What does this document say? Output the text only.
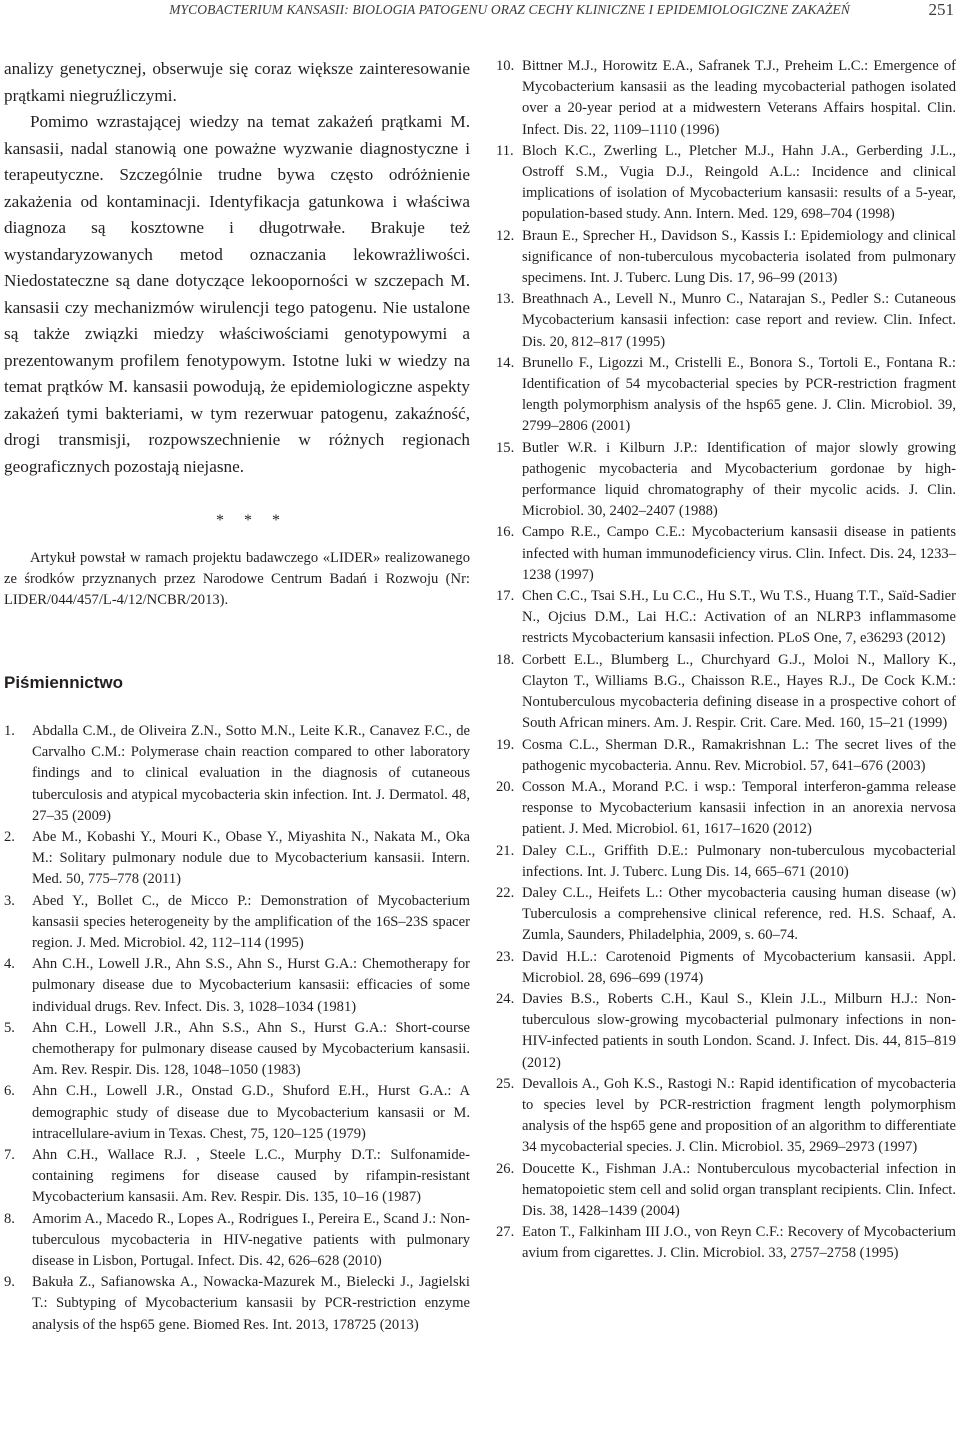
MYCOBACTERIUM KANSASII: BIOLOGIA PATOGENU ORAZ CECHY KLINICZNE I EPIDEMIOLOGICZNE ZAKAŻEŃ	251

analizy genetycznej, obserwuje się coraz większe zainteresowanie prątkami niegruźliczymi.

Pomimo wzrastającej wiedzy na temat zakażeń prątkami M. kansasii, nadal stanowią one poważne wyzwanie diagnostyczne i terapeutyczne. Szczególnie trudne bywa często odróżnienie zakażenia od kontaminacji. Identyfikacja gatunkowa i właściwa diagnoza są kosztowne i długotrwałe. Brakuje też wystandaryzowanych metod oznaczania lekowrażliwości. Niedostateczne są dane dotyczące lekooporności w szczepach M. kansasii czy mechanizmów wirulencji tego patogenu. Nie ustalone są także związki miedzy właściwościami genotypowymi a prezentowanym profilem fenotypowym. Istotne luki w wiedzy na temat prątków M. kansasii powodują, że epidemiologiczne aspekty zakażeń tymi bakteriami, w tym rezerwuar patogenu, zakaźność, drogi transmisji, rozpowszechnienie w różnych regionach geograficznych pozostają niejasne.

* * *

Artykuł powstał w ramach projektu badawczego «LIDER» realizowanego ze środków przyznanych przez Narodowe Centrum Badań i Rozwoju (Nr: LIDER/044/457/L-4/12/NCBR/2013).

Piśmiennictwo
1. Abdalla C.M., de Oliveira Z.N., Sotto M.N., Leite K.R., Canavez F.C., de Carvalho C.M.: Polymerase chain reaction compared to other laboratory findings and to clinical evaluation in the diagnosis of cutaneous tuberculosis and atypical mycobacteria skin infection. Int. J. Dermatol. 48, 27–35 (2009)
2. Abe M., Kobashi Y., Mouri K., Obase Y., Miyashita N., Nakata M., Oka M.: Solitary pulmonary nodule due to Mycobacterium kansasii. Intern. Med. 50, 775–778 (2011)
3. Abed Y., Bollet C., de Micco P.: Demonstration of Mycobacterium kansasii species heterogeneity by the amplification of the 16S–23S spacer region. J. Med. Microbiol. 42, 112–114 (1995)
4. Ahn C.H., Lowell J.R., Ahn S.S., Ahn S., Hurst G.A.: Chemotherapy for pulmonary disease due to Mycobacterium kansasii: efficacies of some individual drugs. Rev. Infect. Dis. 3, 1028–1034 (1981)
5. Ahn C.H., Lowell J.R., Ahn S.S., Ahn S., Hurst G.A.: Short-course chemotherapy for pulmonary disease caused by Mycobacterium kansasii. Am. Rev. Respir. Dis. 128, 1048–1050 (1983)
6. Ahn C.H., Lowell J.R., Onstad G.D., Shuford E.H., Hurst G.A.: A demographic study of disease due to Mycobacterium kansasii or M. intracellulare-avium in Texas. Chest, 75, 120–125 (1979)
7. Ahn C.H., Wallace R.J. , Steele L.C., Murphy D.T.: Sulfonamide-containing regimens for disease caused by rifampin-resistant Mycobacterium kansasii. Am. Rev. Respir. Dis. 135, 10–16 (1987)
8. Amorim A., Macedo R., Lopes A., Rodrigues I., Pereira E., Scand J.: Non-tuberculous mycobacteria in HIV-negative patients with pulmonary disease in Lisbon, Portugal. Infect. Dis. 42, 626–628 (2010)
9. Bakuła Z., Safianowska A., Nowacka-Mazurek M., Bielecki J., Jagielski T.: Subtyping of Mycobacterium kansasii by PCR-restriction enzyme analysis of the hsp65 gene. Biomed Res. Int. 2013, 178725 (2013)
10. Bittner M.J., Horowitz E.A., Safranek T.J., Preheim L.C.: Emergence of Mycobacterium kansasii as the leading mycobacterial pathogen isolated over a 20-year period at a midwestern Veterans Affairs hospital. Clin. Infect. Dis. 22, 1109–1110 (1996)
11. Bloch K.C., Zwerling L., Pletcher M.J., Hahn J.A., Gerberding J.L., Ostroff S.M., Vugia D.J., Reingold A.L.: Incidence and clinical implications of isolation of Mycobacterium kansasii: results of a 5-year, population-based study. Ann. Intern. Med. 129, 698–704 (1998)
12. Braun E., Sprecher H., Davidson S., Kassis I.: Epidemiology and clinical significance of non-tuberculous mycobacteria isolated from pulmonary specimens. Int. J. Tuberc. Lung Dis. 17, 96–99 (2013)
13. Breathnach A., Levell N., Munro C., Natarajan S., Pedler S.: Cutaneous Mycobacterium kansasii infection: case report and review. Clin. Infect. Dis. 20, 812–817 (1995)
14. Brunello F., Ligozzi M., Cristelli E., Bonora S., Tortoli E., Fontana R.: Identification of 54 mycobacterial species by PCR-restriction fragment length polymorphism analysis of the hsp65 gene. J. Clin. Microbiol. 39, 2799–2806 (2001)
15. Butler W.R. i Kilburn J.P.: Identification of major slowly growing pathogenic mycobacteria and Mycobacterium gordonae by high-performance liquid chromatography of their mycolic acids. J. Clin. Microbiol. 30, 2402–2407 (1988)
16. Campo R.E., Campo C.E.: Mycobacterium kansasii disease in patients infected with human immunodeficiency virus. Clin. Infect. Dis. 24, 1233–1238 (1997)
17. Chen C.C., Tsai S.H., Lu C.C., Hu S.T., Wu T.S., Huang T.T., Saïd-Sadier N., Ojcius D.M., Lai H.C.: Activation of an NLRP3 inflammasome restricts Mycobacterium kansasii infection. PLoS One, 7, e36293 (2012)
18. Corbett E.L., Blumberg L., Churchyard G.J., Moloi N., Mallory K., Clayton T., Williams B.G., Chaisson R.E., Hayes R.J., De Cock K.M.: Nontuberculous mycobacteria defining disease in a prospective cohort of South African miners. Am. J. Respir. Crit. Care. Med. 160, 15–21 (1999)
19. Cosma C.L., Sherman D.R., Ramakrishnan L.: The secret lives of the pathogenic mycobacteria. Annu. Rev. Microbiol. 57, 641–676 (2003)
20. Cosson M.A., Morand P.C. i wsp.: Temporal interferon-gamma release response to Mycobacterium kansasii infection in an anorexia nervosa patient. J. Med. Microbiol. 61, 1617–1620 (2012)
21. Daley C.L., Griffith D.E.: Pulmonary non-tuberculous mycobacterial infections. Int. J. Tuberc. Lung Dis. 14, 665–671 (2010)
22. Daley C.L., Heifets L.: Other mycobacteria causing human disease (w) Tuberculosis a comprehensive clinical reference, red. H.S. Schaaf, A. Zumla, Saunders, Philadelphia, 2009, s. 60–74.
23. David H.L.: Carotenoid Pigments of Mycobacterium kansasii. Appl. Microbiol. 28, 696–699 (1974)
24. Davies B.S., Roberts C.H., Kaul S., Klein J.L., Milburn H.J.: Non-tuberculous slow-growing mycobacterial pulmonary infections in non-HIV-infected patients in south London. Scand. J. Infect. Dis. 44, 815–819 (2012)
25. Devallois A., Goh K.S., Rastogi N.: Rapid identification of mycobacteria to species level by PCR-restriction fragment length polymorphism analysis of the hsp65 gene and proposition of an algorithm to differentiate 34 mycobacterial species. J. Clin. Microbiol. 35, 2969–2973 (1997)
26. Doucette K., Fishman J.A.: Nontuberculous mycobacterial infection in hematopoietic stem cell and solid organ transplant recipients. Clin. Infect. Dis. 38, 1428–1439 (2004)
27. Eaton T., Falkinham III J.O., von Reyn C.F.: Recovery of Mycobacterium avium from cigarettes. J. Clin. Microbiol. 33, 2757–2758 (1995)
